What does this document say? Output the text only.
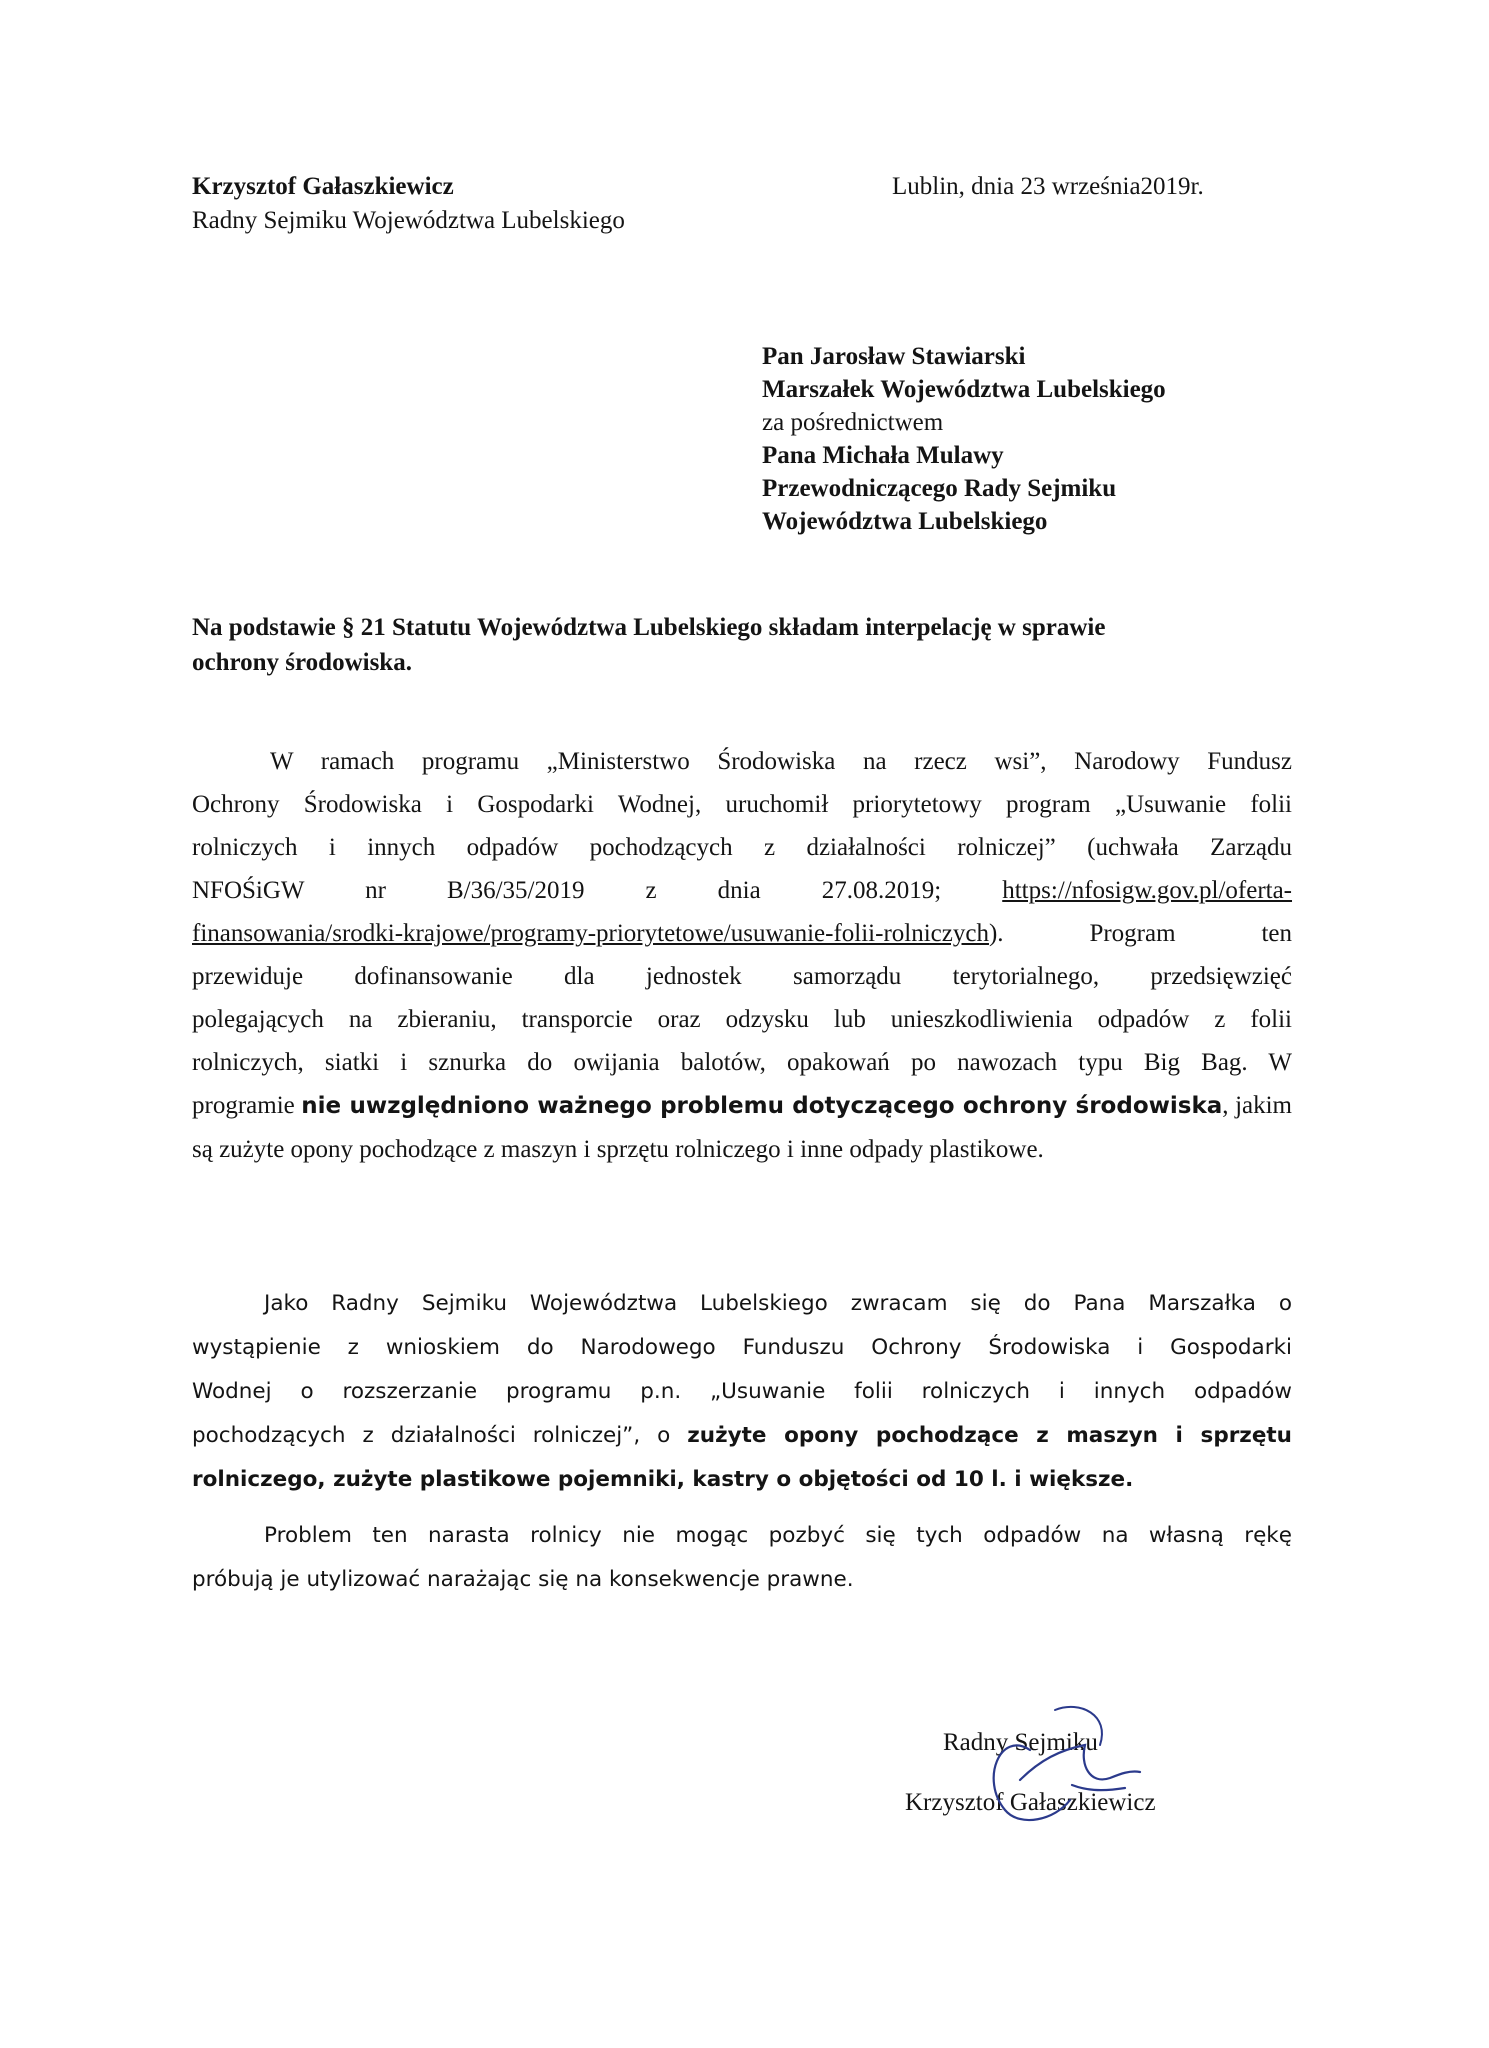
Krzysztof Gałaszkiewicz
Radny Sejmiku Województwa Lubelskiego
Lublin, dnia 23 września2019r.
Pan Jarosław Stawiarski
Marszałek Województwa Lubelskiego
za pośrednictwem
Pana Michała Mulawy
Przewodniczącego Rady Sejmiku
Województwa Lubelskiego
Na podstawie § 21 Statutu Województwa Lubelskiego składam interpelację w sprawie
ochrony środowiska.
W ramach programu „Ministerstwo Środowiska na rzecz wsi”, Narodowy Fundusz
Ochrony Środowiska i Gospodarki Wodnej, uruchomił priorytetowy program „Usuwanie folii
rolniczych i innych odpadów pochodzących z działalności rolniczej” (uchwała Zarządu
NFOŚiGW nr B/36/35/2019 z dnia 27.08.2019; https://nfosigw.gov.pl/oferta-
finansowania/srodki-krajowe/programy-priorytetowe/usuwanie-folii-rolniczych). Program ten
przewiduje dofinansowanie dla jednostek samorządu terytorialnego, przedsięwzięć
polegających na zbieraniu, transporcie oraz odzysku lub unieszkodliwienia odpadów z folii
rolniczych, siatki i sznurka do owijania balotów, opakowań po nawozach typu Big Bag. W
programie nie uwzględniono ważnego problemu dotyczącego ochrony środowiska, jakim
są zużyte opony pochodzące z maszyn i sprzętu rolniczego i inne odpady plastikowe.
Jako Radny Sejmiku Województwa Lubelskiego zwracam się do Pana Marszałka o
wystąpienie z wnioskiem do Narodowego Funduszu Ochrony Środowiska i Gospodarki
Wodnej o rozszerzanie programu p.n. „Usuwanie folii rolniczych i innych odpadów
pochodzących z działalności rolniczej”, o zużyte opony pochodzące z maszyn i sprzętu
rolniczego, zużyte plastikowe pojemniki, kastry o objętości od 10 l. i większe.
Problem ten narasta rolnicy nie mogąc pozbyć się tych odpadów na własną rękę
próbują je utylizować narażając się na konsekwencje prawne.
Radny Sejmiku
Krzysztof Gałaszkiewicz
